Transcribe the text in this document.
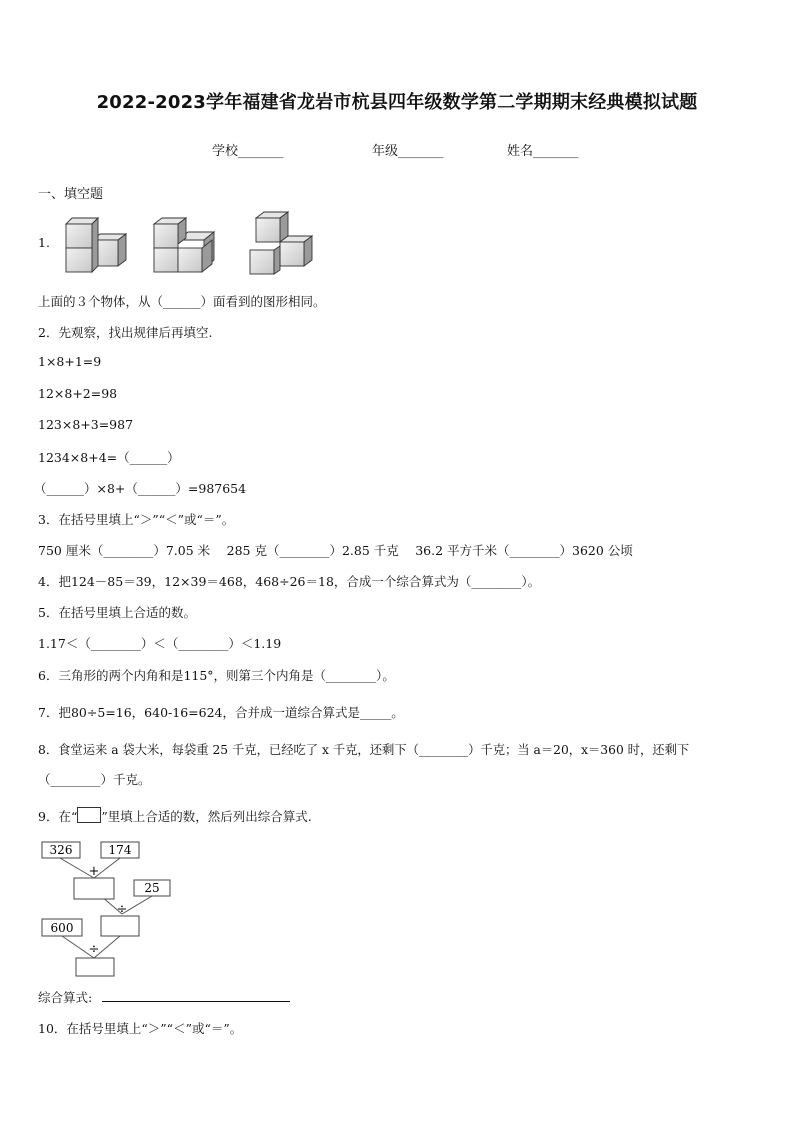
2022-2023学年福建省龙岩市杭县四年级数学第二学期期末经典模拟试题
学校_______	年级_______	姓名_______
一、填空题
1.
上面的３个物体，从（______）面看到的图形相同。
2．先观察，找出规律后再填空.
1×8+1=9
12×8+2=98
123×8+3=987
1234×8+4=（______）
（______）×8+（______）=987654
3．在括号里填上“＞”“＜”或“＝”。
750 厘米（________）7.05 米　 285 克（________）2.85 千克　 36.2 平方千米（________）3620 公顷
4．把124－85＝39，12×39＝468，468÷26＝18，合成一个综合算式为（________）。
5．在括号里填上合适的数。
1.17＜（________）＜（________）＜1.19
6．三角形的两个内角和是115°，则第三个内角是（________）。
7．把80÷5=16，640-16=624，合并成一道综合算式是_____。
8．食堂运来 a 袋大米，每袋重 25 千克，已经吃了 x 千克，还剩下（________）千克；当 a＝20，x＝360 时，还剩下
（________）千克。
9．在“ ”里填上合适的数，然后列出综合算式.
326	174
25
600
+
÷
÷
综合算式:
10．在括号里填上“＞”“＜”或“＝”。
